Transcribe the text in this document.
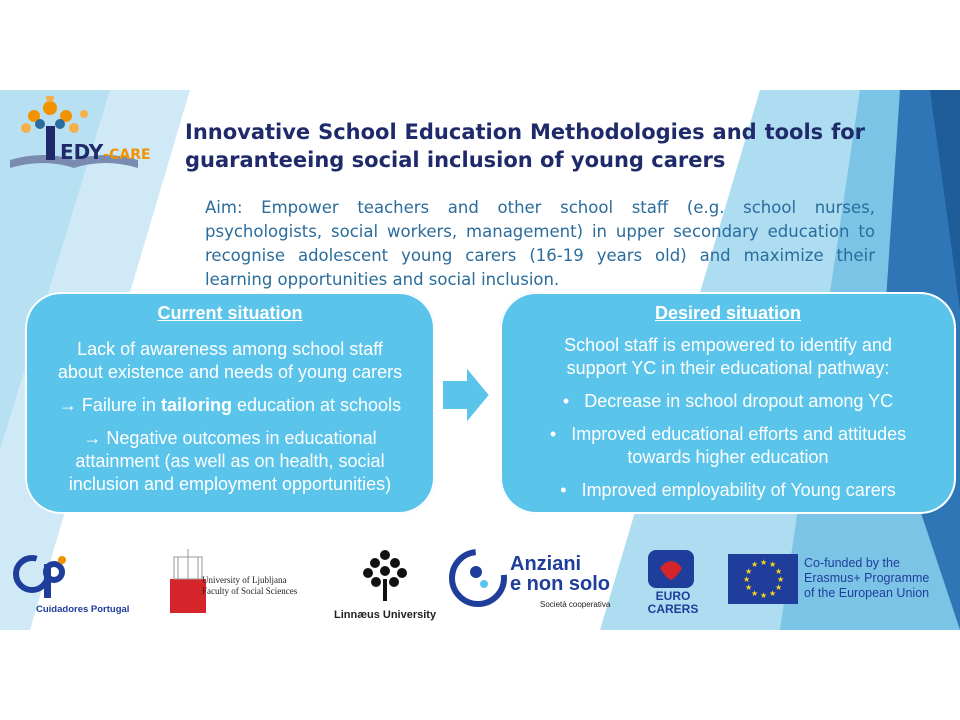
EDY-CARE
Innovative School Education Methodologies and tools for guaranteeing social inclusion of young carers
Aim: Empower teachers and other school staff (e.g. school nurses, psychologists, social workers, management) in upper secondary education to recognise adolescent young carers (16-19 years old) and maximize their learning opportunities and social inclusion.
Current situation

Lack of awareness among school staff about existence and needs of young carers

→ Failure in tailoring education at schools

→ Negative outcomes in educational attainment (as well as on health, social inclusion and employment opportunities)

Desired situation

School staff is empowered to identify and support YC in their educational pathway:

• Decrease in school dropout among YC

• Improved educational efforts and attitudes towards higher education

• Improved employability of Young carers

Cuidadores Portugal
University of Ljubljana
Faculty of Social Sciences
Linnæus University
Anziani
e non solo
Società cooperativa
EURO
CARERS
★ ★
★
★
★
★
★
★
★
★
★
★	Co-funded by the
Erasmus+ Programme
of the European Union
